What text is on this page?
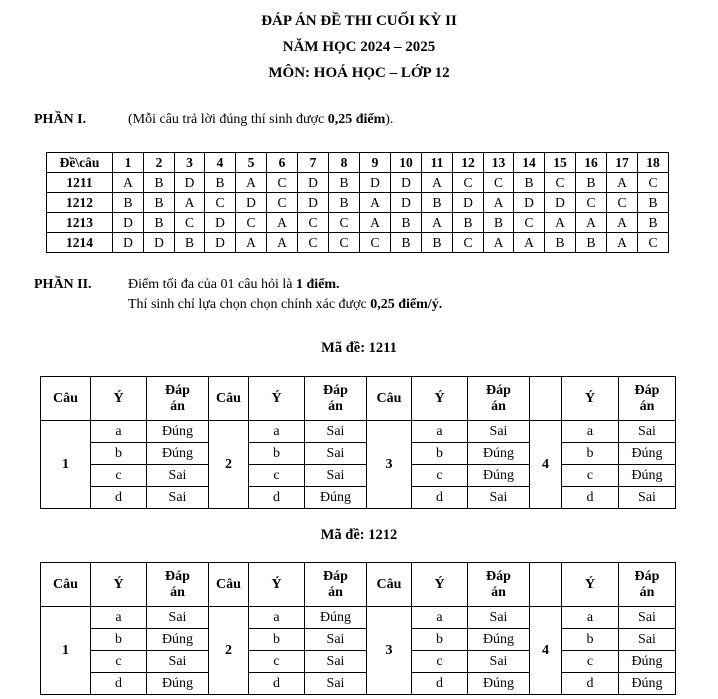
ĐÁP ÁN ĐỀ THI CUỐI KỲ II
NĂM HỌC 2024 – 2025
MÔN: HOÁ HỌC – LỚP 12
PHẦN I.	(Mỗi câu trả lời đúng thí sinh được 0,25 điểm).
Đề\câu	1	2	3	4	5	6	7	8	9	10	11	12	13	14	15	16	17	18
1211	A	B	D	B	A	C	D	B	D	D	A	C	C	B	C	B	A	C
1212	B	B	A	C	D	C	D	B	A	D	B	D	A	D	D	C	C	B
1213	D	B	C	D	C	A	C	C	A	B	A	B	B	C	A	A	A	B
1214	D	D	B	D	A	A	C	C	C	B	B	C	A	A	B	B	A	C
PHẦN II.	Điểm tối đa của 01 câu hỏi là 1 điểm.
Thí sinh chỉ lựa chọn chọn chính xác được 0,25 điểm/ý.
Mã đề: 1211
Câu	Ý	Đáp
án	Câu	Ý	Đáp
án	Câu	Ý	Đáp
án		Ý	Đáp
án

1	a	Đúng	2	a	Sai	3	a	Sai	4	a	Sai
	b	Đúng		b	Sai		b	Đúng		b	Đúng
	c	Sai		c	Sai		c	Đúng		c	Đúng
	d	Sai		d	Đúng		d	Sai		d	Sai
Mã đề: 1212
Câu	Ý	Đáp
án	Câu	Ý	Đáp
án	Câu	Ý	Đáp
án		Ý	Đáp
án

1	a	Sai	2	a	Đúng	3	a	Sai	4	a	Sai
	b	Đúng		b	Sai		b	Đúng		b	Sai
	c	Sai		c	Sai		c	Sai		c	Đúng
	d	Đúng		d	Sai		d	Đúng		d	Đúng
